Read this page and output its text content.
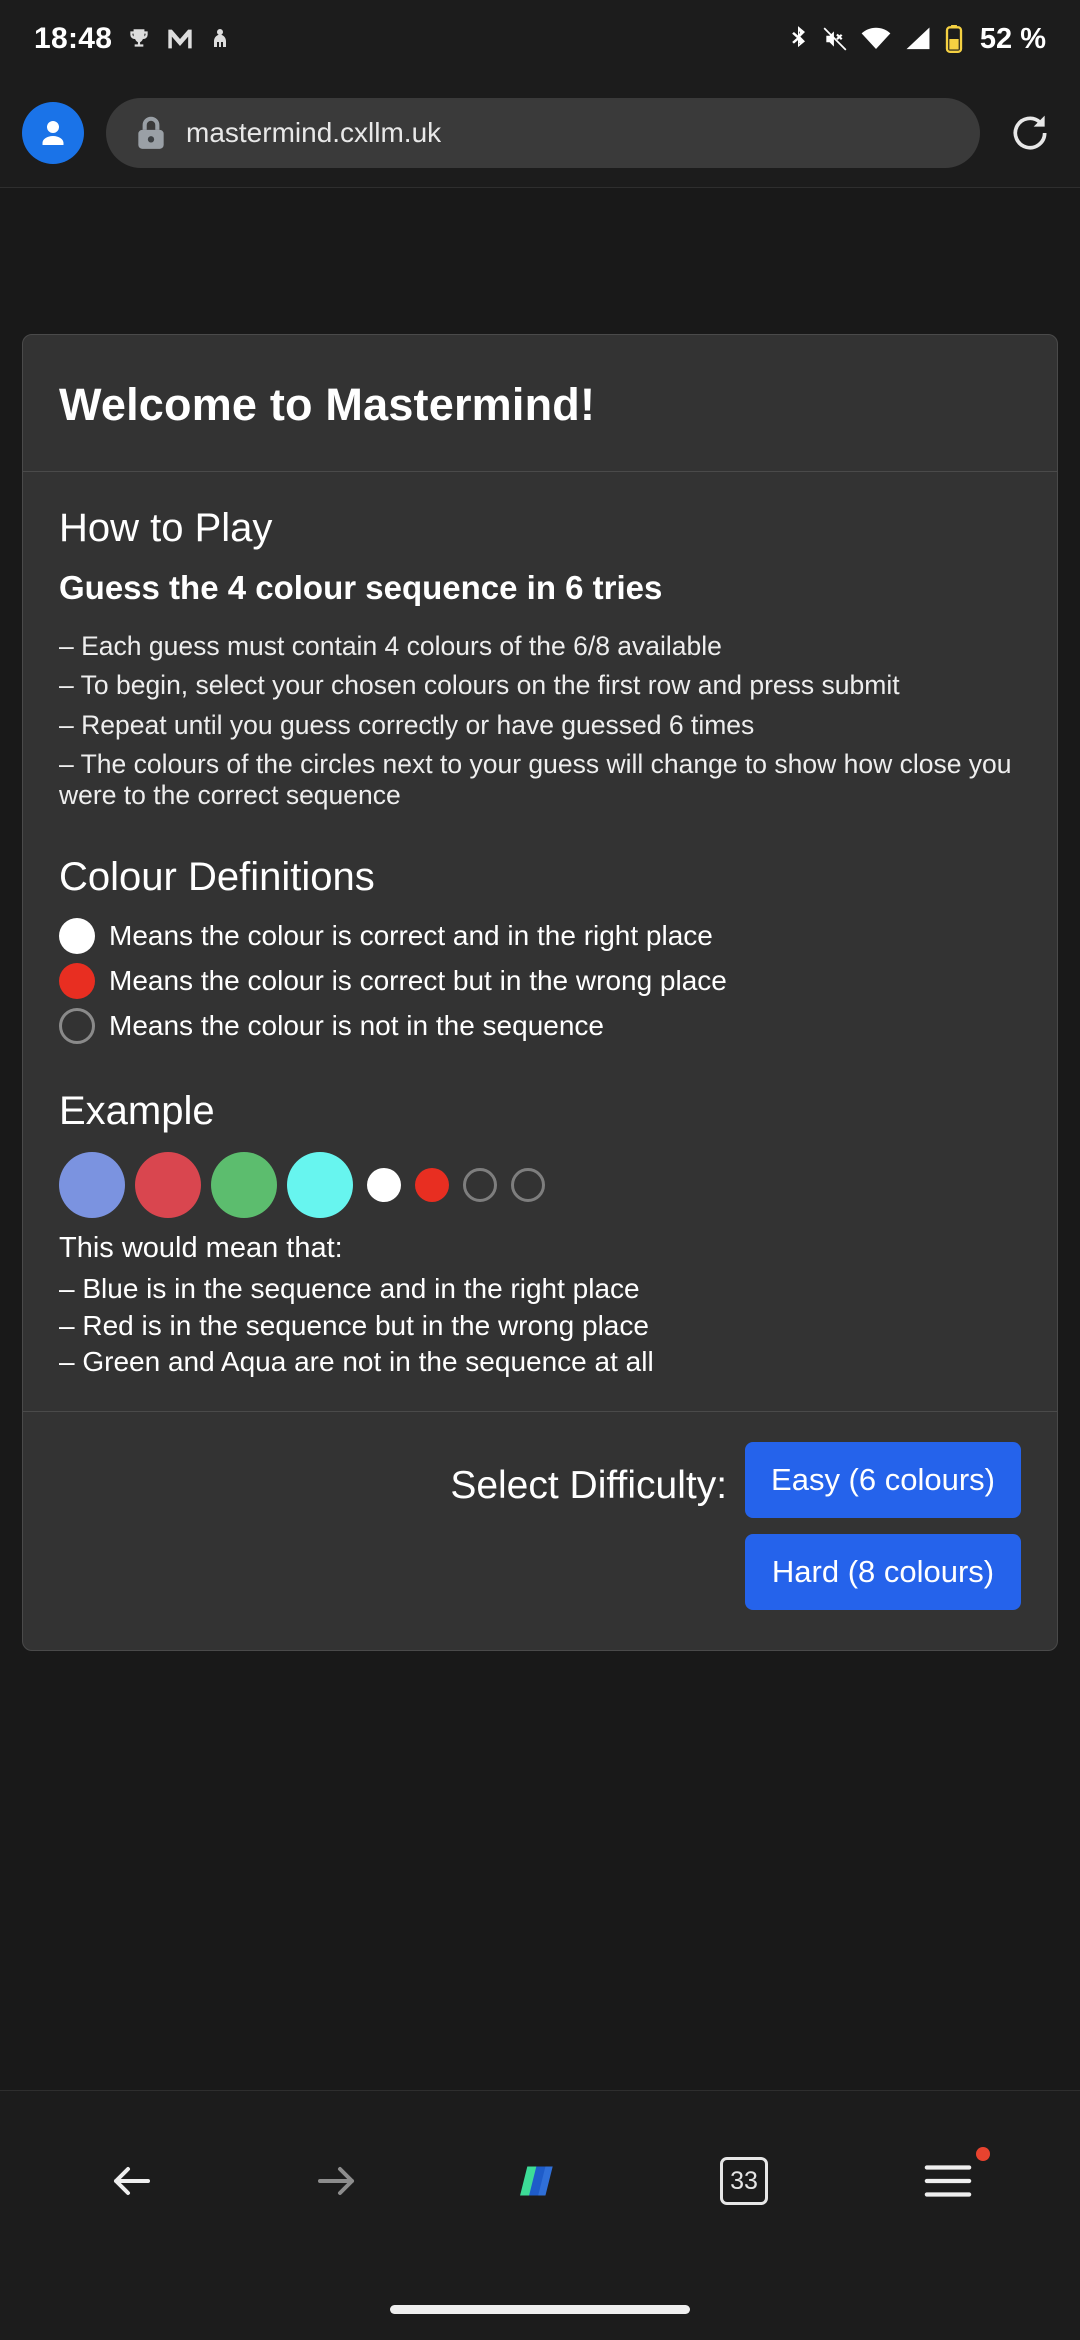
18:48	52 %
mastermind.cxllm.uk
Welcome to Mastermind!
How to Play
Guess the 4 colour sequence in 6 tries
– Each guess must contain 4 colours of the 6/8 available
– To begin, select your chosen colours on the first row and press submit
– Repeat until you guess correctly or have guessed 6 times
– The colours of the circles next to your guess will change to show how close you were to the correct sequence
Colour Definitions
Means the colour is correct and in the right place
Means the colour is correct but in the wrong place
Means the colour is not in the sequence
Example
This would mean that:
– Blue is in the sequence and in the right place
– Red is in the sequence but in the wrong place
– Green and Aqua are not in the sequence at all
Select Difficulty:	Easy (6 colours)
Hard (8 colours)
33
